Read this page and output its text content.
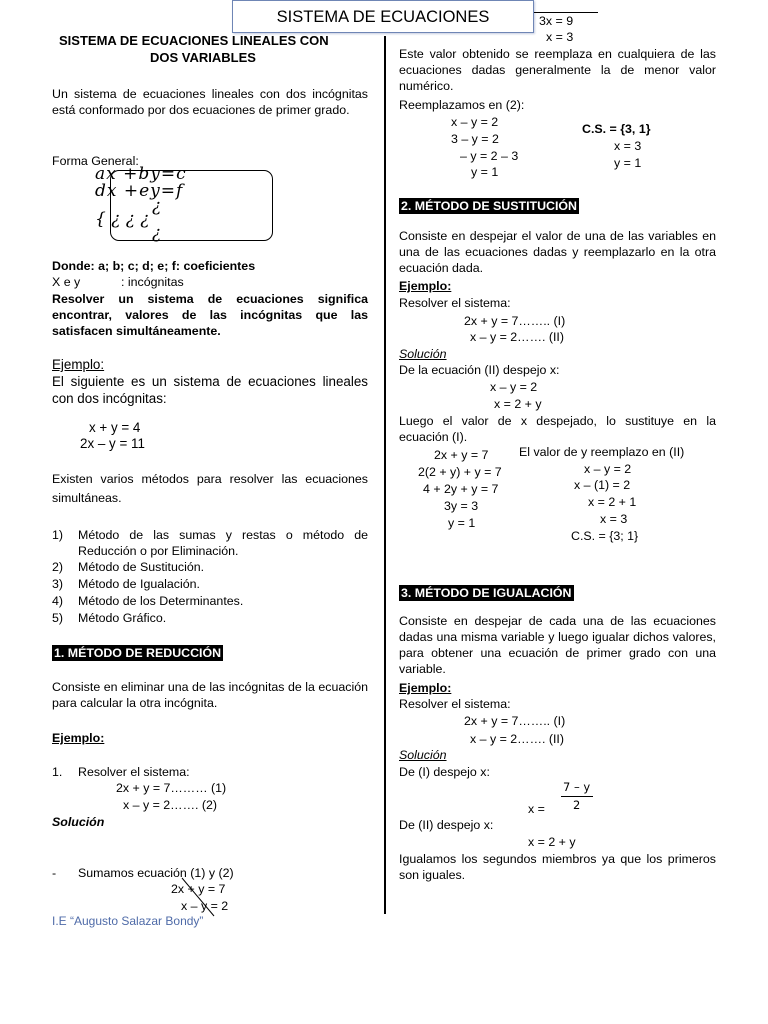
SISTEMA DE ECUACIONES
SISTEMA DE ECUACIONES LINEALES CON
DOS VARIABLES
Un sistema de ecuaciones lineales con dos incógnitas está conformado por dos ecuaciones de primer grado.
Forma General:
ax +by=c
dx +ey=f
¿
{ ¿ ¿ ¿
¿
Donde: a; b; c; d; e; f: coeficientes
X e y	: incógnitas
Resolver un sistema de ecuaciones significa encontrar, valores de las incógnitas que las satisfacen simultáneamente.
Ejemplo:
El siguiente es un sistema de ecuaciones lineales con dos incógnitas:
x + y = 4
2x – y = 11
Existen varios métodos para resolver las ecuaciones simultáneas.
1) Método de las sumas y restas o método de
Reducción o por Eliminación.
2) Método de Sustitución.
3) Método de Igualación.
4) Método de los Determinantes.
5) Método Gráfico.
1. MÉTODO DE REDUCCIÓN
Consiste en eliminar una de las incógnitas de la ecuación para calcular la otra incógnita.
Ejemplo:
1. Resolver el sistema:
2x + y = 7……… (1)
x – y = 2……. (2)
Solución
- Sumamos ecuación (1) y (2)
2x + y = 7
x – y = 2
I.E “Augusto Salazar Bondy”
3x = 9
x = 3
Este valor obtenido se reemplaza en cualquiera de las ecuaciones dadas generalmente la de menor valor numérico.
Reemplazamos en (2):
x – y = 2
3 – y = 2
– y = 2 – 3
y = 1
C.S. = {3, 1}
x = 3
y = 1
2. MÉTODO DE SUSTITUCIÓN
Consiste en despejar el valor de una de las variables en una de las ecuaciones dadas y reemplazarlo en la otra ecuación dada.
Ejemplo:
Resolver el sistema:
2x + y = 7…….. (I)
x – y = 2……. (II)
Solución
De la ecuación (II) despejo x:
x – y = 2
x = 2 + y
Luego el valor de x despejado, lo sustituye en la ecuación (I).
2x + y = 7
2(2 + y) + y = 7
4 + 2y + y = 7
3y = 3
y = 1
El valor de y reemplazo en (II)
x – y = 2
x – (1) = 2
x = 2 + 1
x = 3
C.S. = {3; 1}
3. MÉTODO DE IGUALACIÓN
Consiste en despejar de cada una de las ecuaciones dadas una misma variable y luego igualar dichos valores, para obtener una ecuación de primer grado con una variable.
Ejemplo:
Resolver el sistema:
2x + y = 7…….. (I)
x – y = 2……. (II)
Solución
De (I) despejo x:
7 – y
2
x =
De (II) despejo x:
x = 2 + y
Igualamos los segundos miembros ya que los primeros son iguales.
